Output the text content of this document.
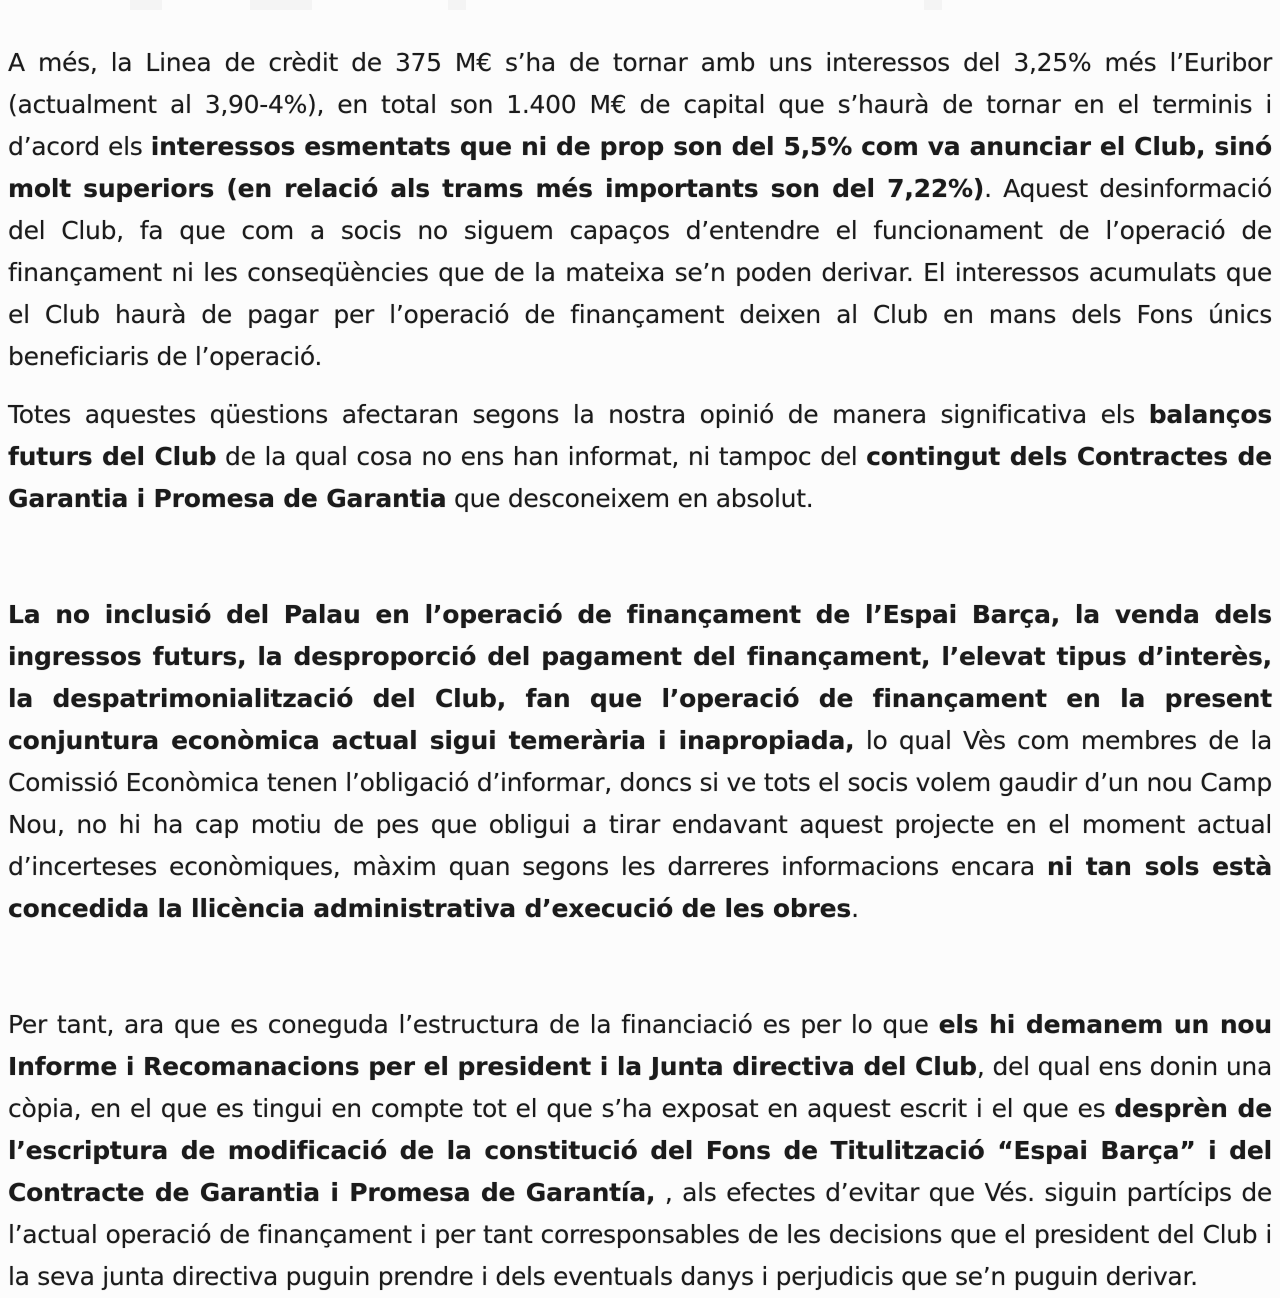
A més, la Linea de crèdit de 375 M€ s’ha de tornar amb uns interessos del 3,25% més l’Euribor (actualment al 3,90-4%), en total son 1.400 M€ de capital que s’haurà de tornar en el terminis i d’acord els interessos esmentats que ni de prop son del 5,5% com va anunciar el Club, sinó molt superiors (en relació als trams més importants son del 7,22%). Aquest desinformació del Club, fa que com a socis no siguem capaços d’entendre el funcionament de l’operació de finançament ni les conseqüències que de la mateixa se’n poden derivar. El interessos acumulats que el Club haurà de pagar per l’operació de finançament deixen al Club en mans dels Fons únics beneficiaris de l’operació.

Totes aquestes qüestions afectaran segons la nostra opinió de manera significativa els balanços futurs del Club de la qual cosa no ens han informat, ni tampoc del contingut dels Contractes de Garantia i Promesa de Garantia que desconeixem en absolut.

La no inclusió del Palau en l’operació de finançament de l’Espai Barça, la venda dels ingressos futurs, la desproporció del pagament del finançament, l’elevat tipus d’interès, la despatrimonialització del Club, fan que l’operació de finançament en la present conjuntura econòmica actual sigui temerària i inapropiada, lo qual Vès com membres de la Comissió Econòmica tenen l’obligació d’informar, doncs si ve tots el socis volem gaudir d’un nou Camp Nou, no hi ha cap motiu de pes que obligui a tirar endavant aquest projecte en el moment actual d’incerteses econòmiques, màxim quan segons les darreres informacions encara ni tan sols està concedida la llicència administrativa d’execució de les obres.

Per tant, ara que es coneguda l’estructura de la financiació es per lo que els hi demanem un nou Informe i Recomanacions per el president i la Junta directiva del Club, del qual ens donin una còpia, en el que es tingui en compte tot el que s’ha exposat en aquest escrit i el que es desprèn de l’escriptura de modificació de la constitució del Fons de Titulització “Espai Barça” i del Contracte de Garantia i Promesa de Garantía, , als efectes d’evitar que Vés. siguin partícips de l’actual operació de finançament i per tant corresponsables de les decisions que el president del Club i la seva junta directiva puguin prendre i dels eventuals danys i perjudicis que se’n puguin derivar.
